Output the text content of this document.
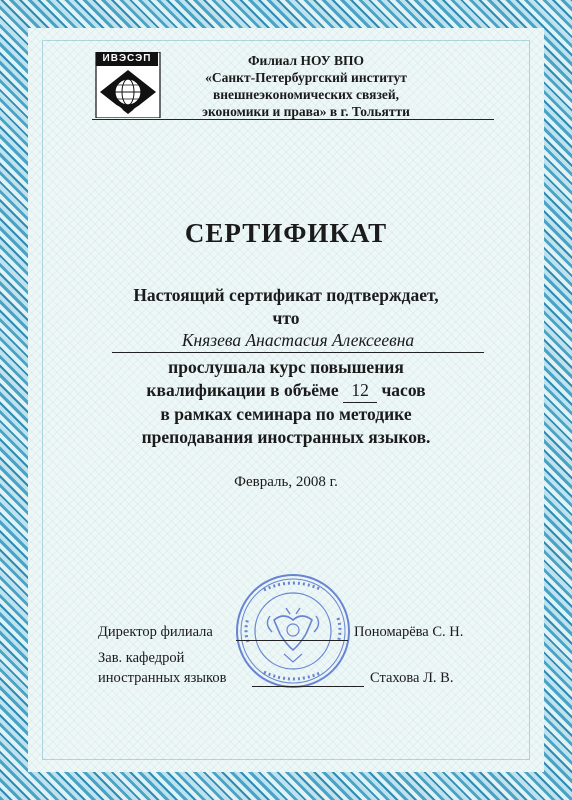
ИВЭСЭП	Филиал НОУ ВПО
«Санкт-Петербургский институт
внешнеэкономических связей,
экономики и права» в г. Тольятти
СЕРТИФИКАТ
Настоящий сертификат подтверждает,
что
Князева Анастасия Алексеевна
прослушала курс повышения
квалификации в объёме 12 часов
в рамках семинара по методике
преподавания иностранных языков.
Февраль, 2008 г.
Директор филиала	Пономарёва С. Н.
Зав. кафедрой
иностранных языков	Стахова Л. В.
